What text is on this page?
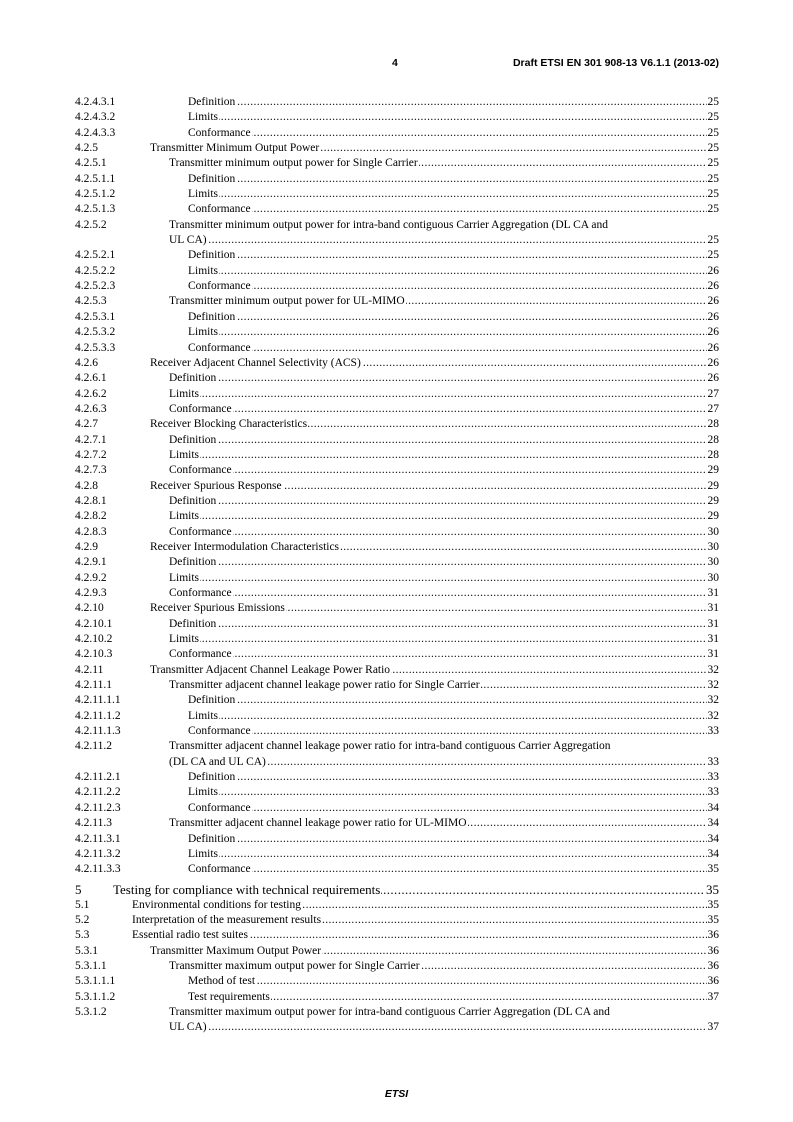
4	Draft ETSI EN 301 908-13 V6.1.1 (2013-02)
4.2.4.3.1	Definition .....	25
4.2.4.3.2	Limits .....	25
4.2.4.3.3	Conformance .....	25
4.2.5	Transmitter Minimum Output Power .....	25
4.2.5.1	Transmitter minimum output power for Single Carrier .....	25
4.2.5.1.1	Definition .....	25
4.2.5.1.2	Limits .....	25
4.2.5.1.3	Conformance .....	25
4.2.5.2	Transmitter minimum output power for intra-band contiguous Carrier Aggregation (DL CA and
UL CA) .....	25
4.2.5.2.1	Definition .....	25
4.2.5.2.2	Limits .....	26
4.2.5.2.3	Conformance .....	26
4.2.5.3	Transmitter minimum output power for UL-MIMO .....	26
4.2.5.3.1	Definition .....	26
4.2.5.3.2	Limits .....	26
4.2.5.3.3	Conformance .....	26
4.2.6	Receiver Adjacent Channel Selectivity (ACS) .....	26
4.2.6.1	Definition .....	26
4.2.6.2	Limits .....	27
4.2.6.3	Conformance .....	27
4.2.7	Receiver Blocking Characteristics .....	28
4.2.7.1	Definition .....	28
4.2.7.2	Limits .....	28
4.2.7.3	Conformance .....	29
4.2.8	Receiver Spurious Response .....	29
4.2.8.1	Definition .....	29
4.2.8.2	Limits .....	29
4.2.8.3	Conformance .....	30
4.2.9	Receiver Intermodulation Characteristics .....	30
4.2.9.1	Definition .....	30
4.2.9.2	Limits .....	30
4.2.9.3	Conformance .....	31
4.2.10	Receiver Spurious Emissions .....	31
4.2.10.1	Definition .....	31
4.2.10.2	Limits .....	31
4.2.10.3	Conformance .....	31
4.2.11	Transmitter Adjacent Channel Leakage Power Ratio .....	32
4.2.11.1	Transmitter adjacent channel leakage power ratio for Single Carrier .....	32
4.2.11.1.1	Definition .....	32
4.2.11.1.2	Limits .....	32
4.2.11.1.3	Conformance .....	33
4.2.11.2	Transmitter adjacent channel leakage power ratio for intra-band contiguous Carrier Aggregation
(DL CA and UL CA) .....	33
4.2.11.2.1	Definition .....	33
4.2.11.2.2	Limits .....	33
4.2.11.2.3	Conformance .....	34
4.2.11.3	Transmitter adjacent channel leakage power ratio for UL-MIMO .....	34
4.2.11.3.1	Definition .....	34
4.2.11.3.2	Limits .....	34
4.2.11.3.3	Conformance .....	35
5 Testing for compliance with technical requirements .....	35
5.1	Environmental conditions for testing .....	35
5.2	Interpretation of the measurement results .....	35
5.3	Essential radio test suites .....	36
5.3.1	Transmitter Maximum Output Power .....	36
5.3.1.1	Transmitter maximum output power for Single Carrier .....	36
5.3.1.1.1	Method of test .....	36
5.3.1.1.2	Test requirements .....	37
5.3.1.2	Transmitter maximum output power for intra-band contiguous Carrier Aggregation (DL CA and
UL CA) .....	37
ETSI
